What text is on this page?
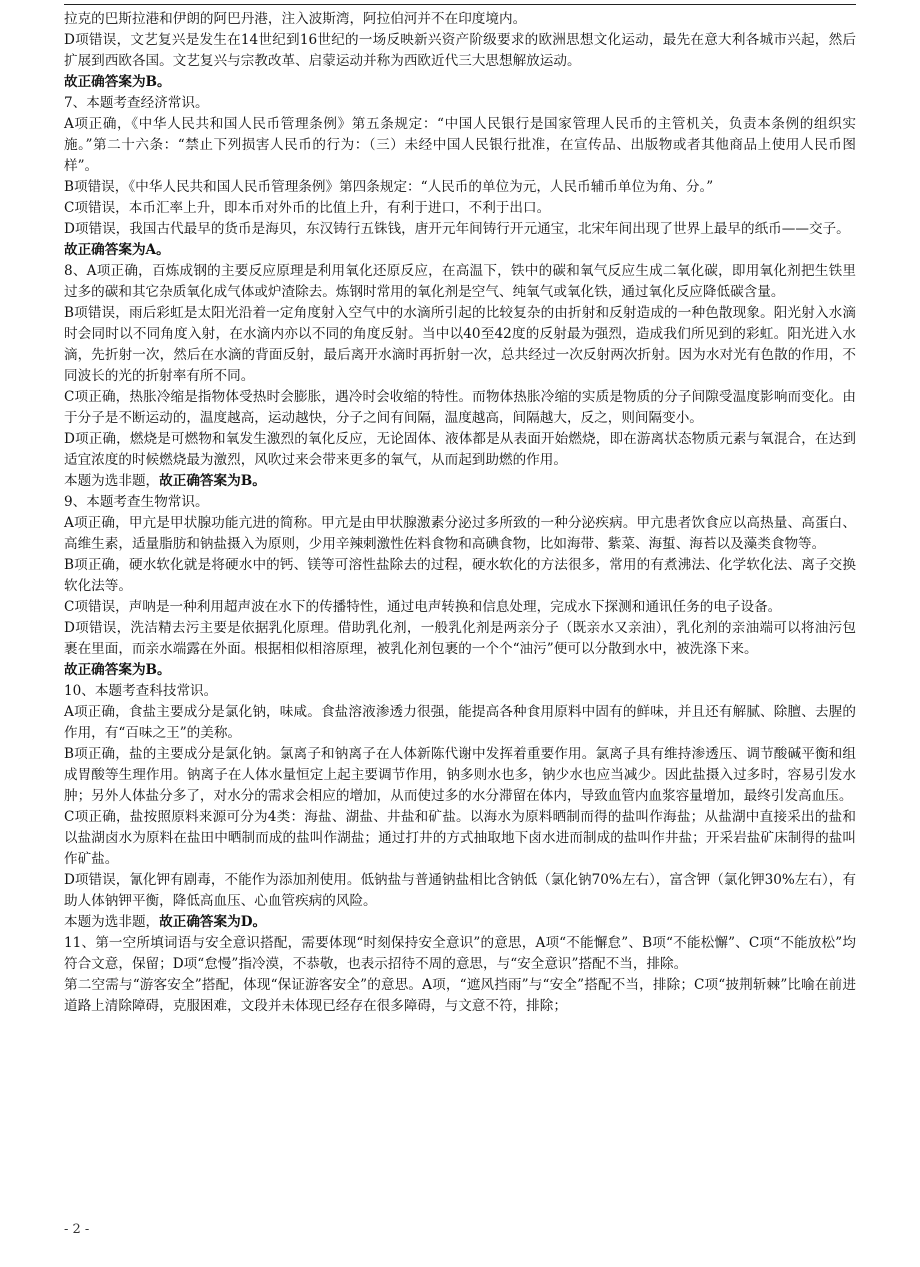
拉克的巴斯拉港和伊朗的阿巴丹港，注入波斯湾，阿拉伯河并不在印度境内。

D项错误，文艺复兴是发生在14世纪到16世纪的一场反映新兴资产阶级要求的欧洲思想文化运动，最先在意大利各城市兴起，然后扩展到西欧各国。文艺复兴与宗教改革、启蒙运动并称为西欧近代三大思想解放运动。

故正确答案为B。

7、本题考查经济常识。

A项正确，《中华人民共和国人民币管理条例》第五条规定：“中国人民银行是国家管理人民币的主管机关，负责本条例的组织实施。”第二十六条：“禁止下列损害人民币的行为：（三）未经中国人民银行批准，在宣传品、出版物或者其他商品上使用人民币图样”。

B项错误，《中华人民共和国人民币管理条例》第四条规定：“人民币的单位为元，人民币辅币单位为角、分。”

C项错误，本币汇率上升，即本币对外币的比值上升，有利于进口，不利于出口。

D项错误，我国古代最早的货币是海贝，东汉铸行五铢钱，唐开元年间铸行开元通宝，北宋年间出现了世界上最早的纸币——交子。

故正确答案为A。

8、A项正确，百炼成钢的主要反应原理是利用氧化还原反应，在高温下，铁中的碳和氧气反应生成二氧化碳，即用氧化剂把生铁里过多的碳和其它杂质氧化成气体或炉渣除去。炼钢时常用的氧化剂是空气、纯氧气或氧化铁，通过氧化反应降低碳含量。

B项错误，雨后彩虹是太阳光沿着一定角度射入空气中的水滴所引起的比较复杂的由折射和反射造成的一种色散现象。阳光射入水滴时会同时以不同角度入射，在水滴内亦以不同的角度反射。当中以40至42度的反射最为强烈，造成我们所见到的彩虹。阳光进入水滴，先折射一次，然后在水滴的背面反射，最后离开水滴时再折射一次，总共经过一次反射两次折射。因为水对光有色散的作用，不同波长的光的折射率有所不同。

C项正确，热胀冷缩是指物体受热时会膨胀，遇冷时会收缩的特性。而物体热胀冷缩的实质是物质的分子间隙受温度影响而变化。由于分子是不断运动的，温度越高，运动越快，分子之间有间隔，温度越高，间隔越大，反之，则间隔变小。

D项正确，燃烧是可燃物和氧发生激烈的氧化反应，无论固体、液体都是从表面开始燃烧，即在游离状态物质元素与氧混合，在达到适宜浓度的时候燃烧最为激烈，风吹过来会带来更多的氧气，从而起到助燃的作用。

本题为选非题，故正确答案为B。

9、本题考查生物常识。

A项正确，甲亢是甲状腺功能亢进的简称。甲亢是由甲状腺激素分泌过多所致的一种分泌疾病。甲亢患者饮食应以高热量、高蛋白、高维生素，适量脂肪和钠盐摄入为原则，少用辛辣刺激性佐料食物和高碘食物，比如海带、紫菜、海蜇、海苔以及藻类食物等。

B项正确，硬水软化就是将硬水中的钙、镁等可溶性盐除去的过程，硬水软化的方法很多，常用的有煮沸法、化学软化法、离子交换软化法等。

C项错误，声呐是一种利用超声波在水下的传播特性，通过电声转换和信息处理，完成水下探测和通讯任务的电子设备。

D项错误，洗洁精去污主要是依据乳化原理。借助乳化剂，一般乳化剂是两亲分子（既亲水又亲油），乳化剂的亲油端可以将油污包裹在里面，而亲水端露在外面。根据相似相溶原理，被乳化剂包裹的一个个“油污”便可以分散到水中，被洗涤下来。

故正确答案为B。

10、本题考查科技常识。

A项正确，食盐主要成分是氯化钠，味咸。食盐溶液渗透力很强，能提高各种食用原料中固有的鲜味，并且还有解腻、除膻、去腥的作用，有“百味之王”的美称。

B项正确，盐的主要成分是氯化钠。氯离子和钠离子在人体新陈代谢中发挥着重要作用。氯离子具有维持渗透压、调节酸碱平衡和组成胃酸等生理作用。钠离子在人体水量恒定上起主要调节作用，钠多则水也多，钠少水也应当减少。因此盐摄入过多时，容易引发水肿；另外人体盐分多了，对水分的需求会相应的增加，从而使过多的水分滞留在体内，导致血管内血浆容量增加，最终引发高血压。

C项正确，盐按照原料来源可分为4类：海盐、湖盐、井盐和矿盐。以海水为原料晒制而得的盐叫作海盐；从盐湖中直接采出的盐和以盐湖卤水为原料在盐田中晒制而成的盐叫作湖盐；通过打井的方式抽取地下卤水进而制成的盐叫作井盐；开采岩盐矿床制得的盐叫作矿盐。

D项错误，氰化钾有剧毒，不能作为添加剂使用。低钠盐与普通钠盐相比含钠低（氯化钠70%左右），富含钾（氯化钾30%左右），有助人体钠钾平衡，降低高血压、心血管疾病的风险。

本题为选非题，故正确答案为D。

11、第一空所填词语与安全意识搭配，需要体现“时刻保持安全意识”的意思，A项“不能懈怠”、B项“不能松懈”、C项“不能放松”均符合文意，保留；D项“怠慢”指冷漠，不恭敬，也表示招待不周的意思，与“安全意识”搭配不当，排除。

第二空需与“游客安全”搭配，体现“保证游客安全”的意思。A项，“遮风挡雨”与“安全”搭配不当，排除；C项“披荆斩棘”比喻在前进道路上清除障碍，克服困难，文段并未体现已经存在很多障碍，与文意不符，排除；

- 2 -
